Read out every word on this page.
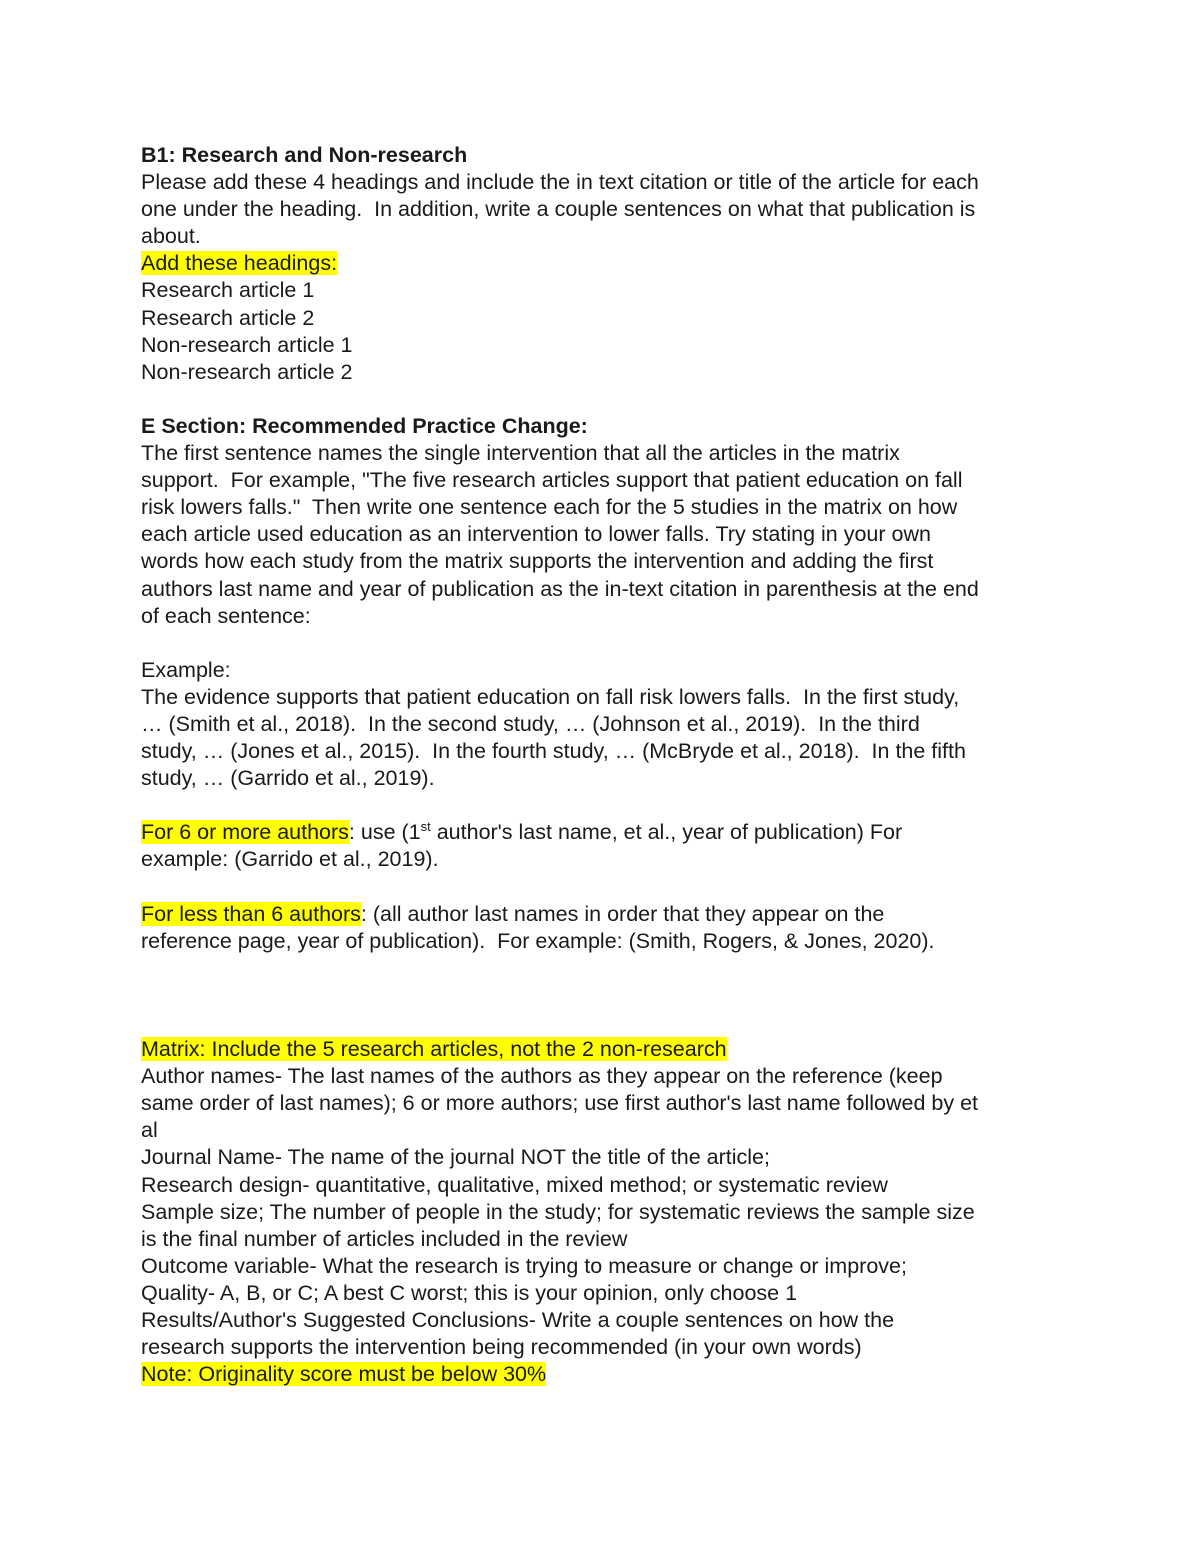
B1: Research and Non-research
Please add these 4 headings and include the in text citation or title of the article for each
one under the heading.  In addition, write a couple sentences on what that publication is
about.
Add these headings:
Research article 1
Research article 2
Non-research article 1
Non-research article 2
E Section: Recommended Practice Change:
The first sentence names the single intervention that all the articles in the matrix
support.  For example, "The five research articles support that patient education on fall
risk lowers falls."  Then write one sentence each for the 5 studies in the matrix on how
each article used education as an intervention to lower falls. Try stating in your own
words how each study from the matrix supports the intervention and adding the first
authors last name and year of publication as the in-text citation in parenthesis at the end
of each sentence:
Example:
The evidence supports that patient education on fall risk lowers falls.  In the first study,
… (Smith et al., 2018).  In the second study, … (Johnson et al., 2019).  In the third
study, … (Jones et al., 2015).  In the fourth study, … (McBryde et al., 2018).  In the fifth
study, … (Garrido et al., 2019).
For 6 or more authors: use (1st author's last name, et al., year of publication) For
example: (Garrido et al., 2019).
For less than 6 authors: (all author last names in order that they appear on the
reference page, year of publication).  For example: (Smith, Rogers, & Jones, 2020).
Matrix: Include the 5 research articles, not the 2 non-research
Author names- The last names of the authors as they appear on the reference (keep
same order of last names); 6 or more authors; use first author's last name followed by et
al
Journal Name- The name of the journal NOT the title of the article;
Research design- quantitative, qualitative, mixed method; or systematic review
Sample size; The number of people in the study; for systematic reviews the sample size
is the final number of articles included in the review
Outcome variable- What the research is trying to measure or change or improve;
Quality- A, B, or C; A best C worst; this is your opinion, only choose 1
Results/Author's Suggested Conclusions- Write a couple sentences on how the
research supports the intervention being recommended (in your own words)
Note: Originality score must be below 30%
